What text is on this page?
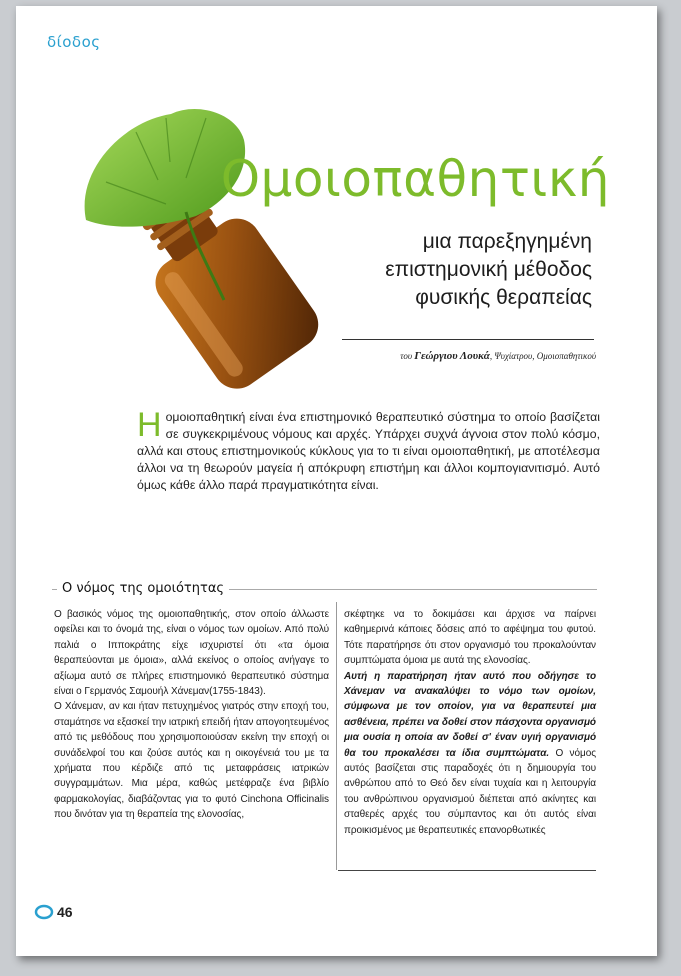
δίοδος
Ομοιοπαθητική
μια παρεξηγημένη
επιστημονική μέθοδος
φυσικής θεραπείας
του Γεώργιου Λουκά, Ψυχίατρου, Ομοιοπαθητικού
Η ομοιοπαθητική είναι ένα επιστημονικό θεραπευτικό σύστημα το οποίο βασίζεται σε συγκεκριμένους νόμους και αρχές. Υπάρχει συχνά άγνοια στον πολύ κόσμο, αλλά και στους επιστημονικούς κύκλους για το τι είναι ομοιοπαθητική, με αποτέλεσμα άλλοι να τη θεωρούν μαγεία ή απόκρυφη επιστήμη και άλλοι κομπογιανιτισμό. Αυτό όμως κάθε άλλο παρά πραγματικότητα είναι.
Ο νόμος της ομοιότητας

Ο βασικός νόμος της ομοιοπαθητικής, στον οποίο άλλωστε οφείλει και το όνομά της, είναι ο νόμος των ομοίων. Από πολύ παλιά ο Ιπποκράτης είχε ισχυριστεί ότι «τα όμοια θεραπεύονται με όμοια», αλλά εκείνος ο οποίος ανήγαγε το αξίωμα αυτό σε πλήρες επιστημονικό θεραπευτικό σύστημα είναι ο Γερμανός Σαμουήλ Χάνεμαν(1755-1843).

Ο Χάνεμαν, αν και ήταν πετυχημένος γιατρός στην εποχή του, σταμάτησε να εξασκεί την ιατρική επειδή ήταν απογοητευμένος από τις μεθόδους που χρησιμοποιούσαν εκείνη την εποχή οι συνάδελφοί του και ζούσε αυτός και η οικογένειά του με τα χρήματα που κέρδιζε από τις μεταφράσεις ιατρικών συγγραμμάτων. Μια μέρα, καθώς μετέφραζε ένα βιβλίο φαρμακολογίας, διαβάζοντας για το φυτό Cinchona Officinalis που δινόταν για τη θεραπεία της ελονοσίας,

σκέφτηκε να το δοκιμάσει και άρχισε να παίρνει καθημερινά κάποιες δόσεις από το αφέψημα του φυτού. Τότε παρατήρησε ότι στον οργανισμό του προκαλούνταν συμπτώματα όμοια με αυτά της ελονοσίας.

Αυτή η παρατήρηση ήταν αυτό που οδήγησε το Χάνεμαν να ανακαλύψει το νόμο των ομοίων, σύμφωνα με τον οποίον, για να θεραπευτεί μια ασθένεια, πρέπει να δοθεί στον πάσχοντα οργανισμό μια ουσία η οποία αν δοθεί σ' έναν υγιή οργανισμό θα του προκαλέσει τα ίδια συμπτώματα. Ο νόμος αυτός βασίζεται στις παραδοχές ότι η δημιουργία του ανθρώπου από το Θεό δεν είναι τυχαία και η λειτουργία του ανθρώπινου οργανισμού διέπεται από ακίνητες και σταθερές αρχές του σύμπαντος και ότι αυτός είναι προικισμένος με θεραπευτικές επανορθωτικές

46
